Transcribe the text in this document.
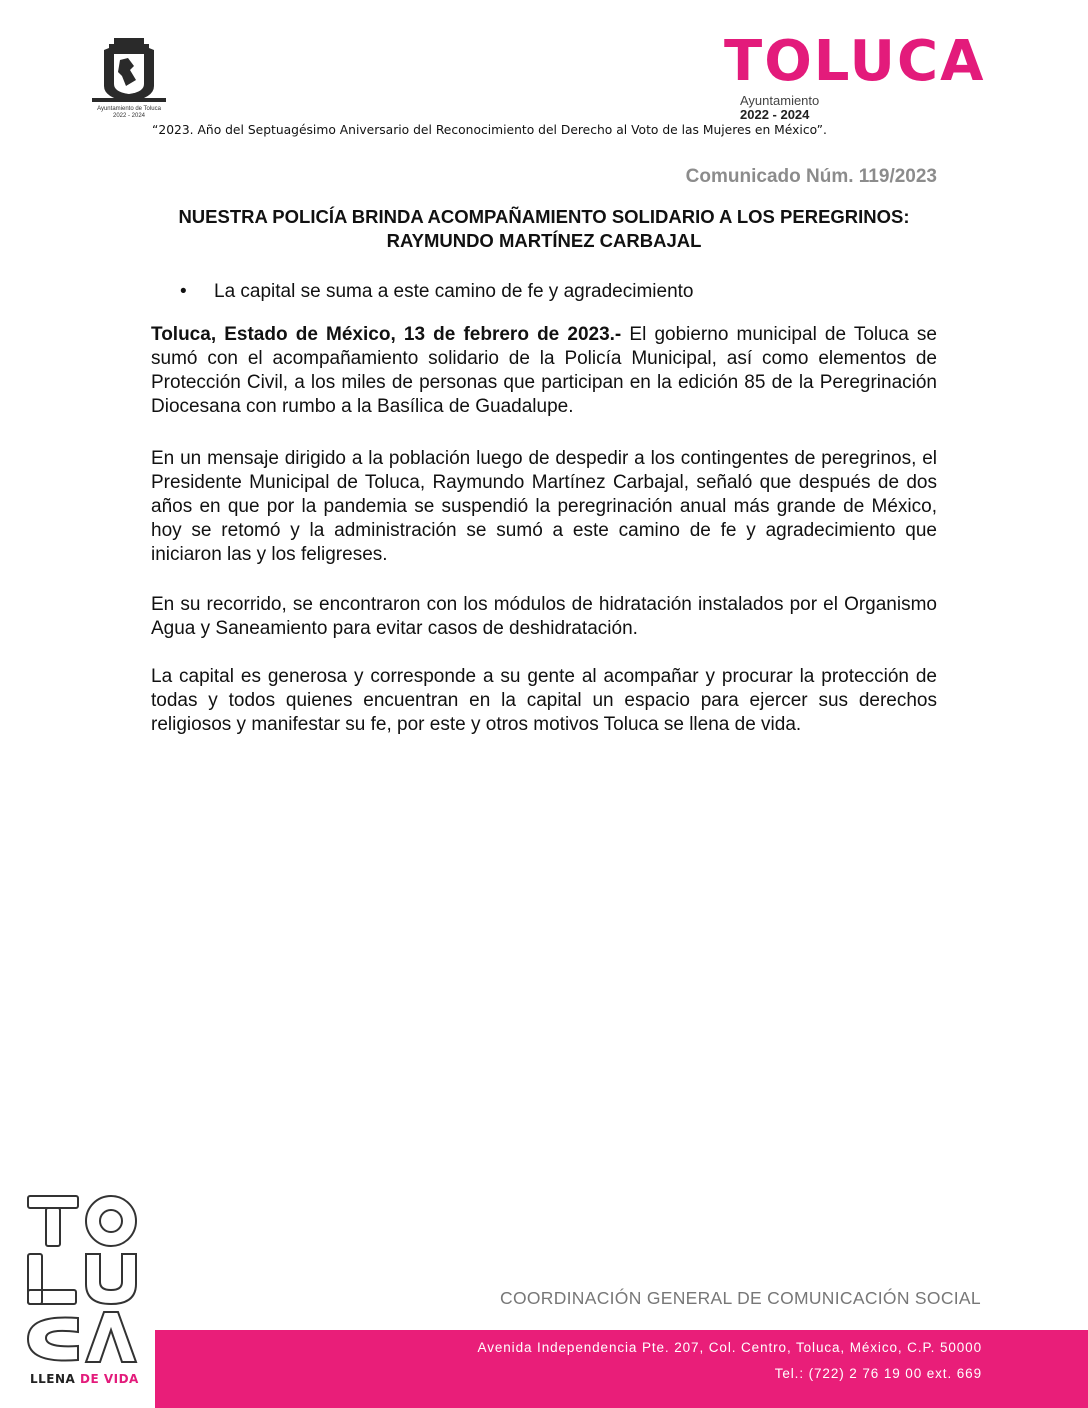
Ayuntamiento de Toluca
2022 - 2024
TOLUCA
Ayuntamiento
2022 - 2024
“2023. Año del Septuagésimo Aniversario del Reconocimiento del Derecho al Voto de las Mujeres en México”.
Comunicado Núm. 119/2023
NUESTRA POLICÍA BRINDA ACOMPAÑAMIENTO SOLIDARIO A LOS PEREGRINOS:
RAYMUNDO MARTÍNEZ CARBAJAL
• La capital se suma a este camino de fe y agradecimiento
Toluca, Estado de México, 13 de febrero de 2023.- El gobierno municipal de Toluca se sumó con el acompañamiento solidario de la Policía Municipal, así como elementos de Protección Civil, a los miles de personas que participan en la edición 85 de la Peregrinación Diocesana con rumbo a la Basílica de Guadalupe.
En un mensaje dirigido a la población luego de despedir a los contingentes de peregrinos, el Presidente Municipal de Toluca, Raymundo Martínez Carbajal, señaló que después de dos años en que por la pandemia se suspendió la peregrinación anual más grande de México, hoy se retomó y la administración se sumó a este camino de fe y agradecimiento que iniciaron las y los feligreses.
En su recorrido, se encontraron con los módulos de hidratación instalados por el Organismo Agua y Saneamiento para evitar casos de deshidratación.
La capital es generosa y corresponde a su gente al acompañar y procurar la protección de todas y todos quienes encuentran en la capital un espacio para ejercer sus derechos religiosos y manifestar su fe, por este y otros motivos Toluca se llena de vida.
LLENA DE VIDA
COORDINACIÓN GENERAL DE COMUNICACIÓN SOCIAL
Avenida Independencia Pte. 207, Col. Centro, Toluca, México, C.P. 50000
Tel.: (722) 2 76 19 00 ext. 669
